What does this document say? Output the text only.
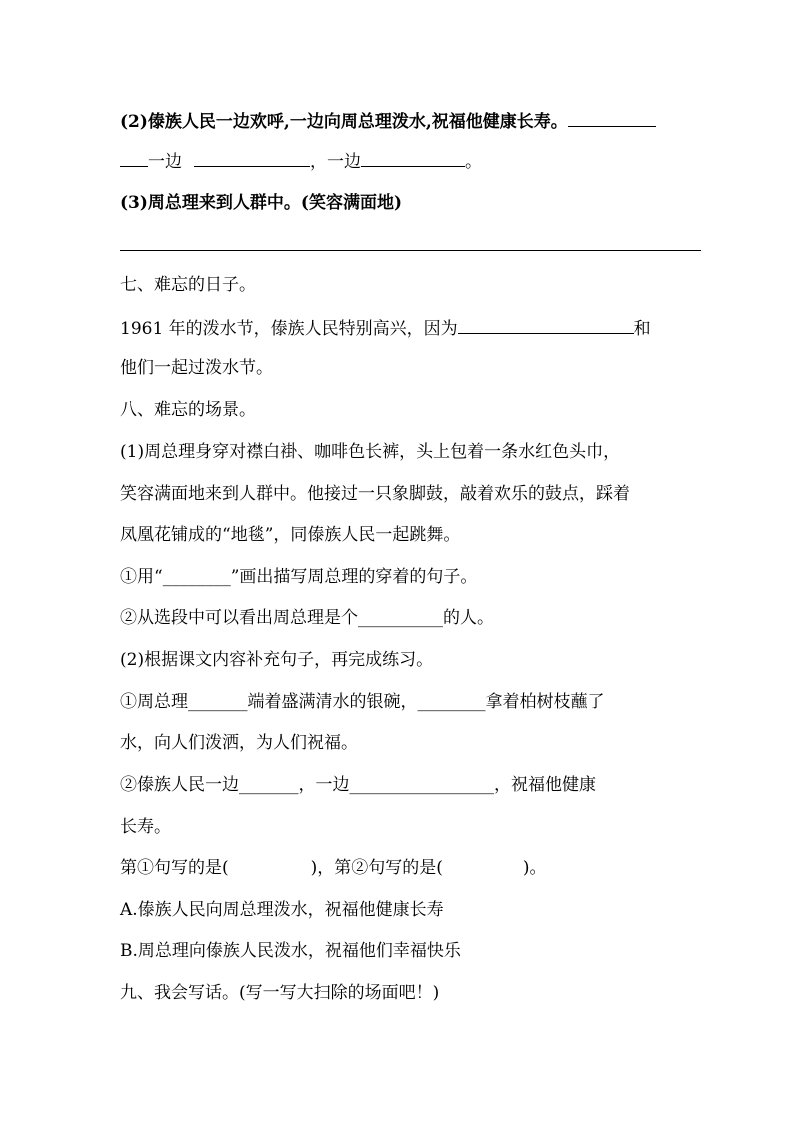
(2)傣族人民一边欢呼,一边向周总理泼水,祝福他健康长寿。
一边	，一边	。
(3)周总理来到人群中。(笑容满面地)
七、难忘的日子。
1961 年的泼水节，傣族人民特别高兴，因为	和
他们一起过泼水节。
八、难忘的场景。
(1)周总理身穿对襟白褂、咖啡色长裤，头上包着一条水红色头巾，
笑容满面地来到人群中。他接过一只象脚鼓，敲着欢乐的鼓点，踩着
凤凰花铺成的“地毯”，同傣族人民一起跳舞。
①用“________”画出描写周总理的穿着的句子。
②从选段中可以看出周总理是个__________的人。
(2)根据课文内容补充句子，再完成练习。
①周总理_______端着盛满清水的银碗，________拿着柏树枝蘸了
水，向人们泼洒，为人们祝福。
②傣族人民一边_______，一边_________________，祝福他健康
长寿。
第①句写的是(	)，第②句写的是(	)。
A.傣族人民向周总理泼水，祝福他健康长寿
B.周总理向傣族人民泼水，祝福他们幸福快乐
九、我会写话。(写一写大扫除的场面吧！)
